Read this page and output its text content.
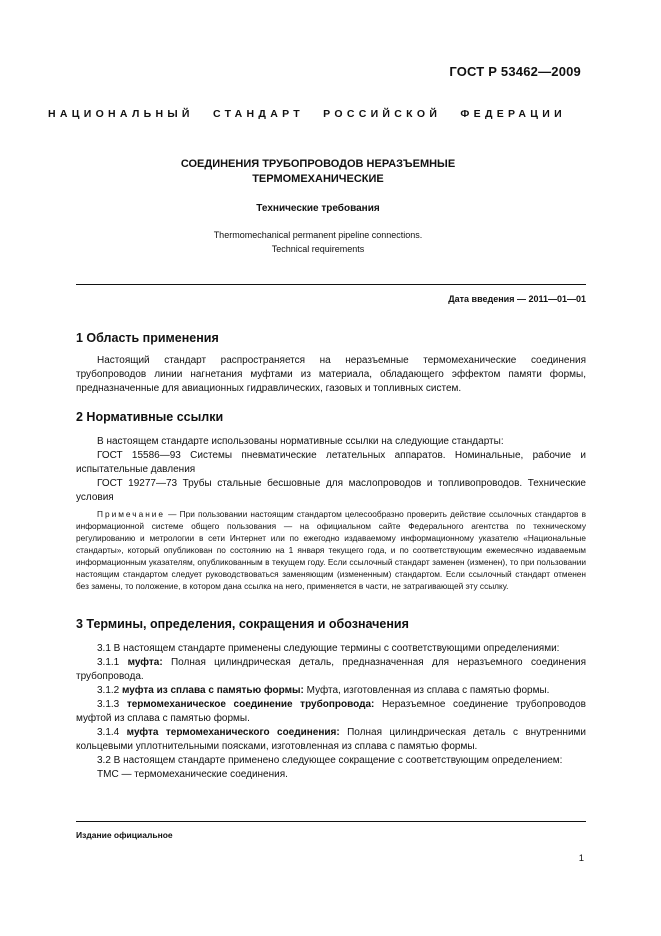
ГОСТ Р 53462—2009
НАЦИОНАЛЬНЫЙ СТАНДАРТ РОССИЙСКОЙ ФЕДЕРАЦИИ
СОЕДИНЕНИЯ ТРУБОПРОВОДОВ НЕРАЗЪЕМНЫЕ
ТЕРМОМЕХАНИЧЕСКИЕ
Технические требования
Thermomechanical permanent pipeline connections.
Technical requirements
Дата введения — 2011—01—01
1 Область применения

Настоящий стандарт распространяется на неразъемные термомеханические соединения трубопроводов линии нагнетания муфтами из материала, обладающего эффектом памяти формы, предназначенные для авиационных гидравлических, газовых и топливных систем.

2 Нормативные ссылки

В настоящем стандарте использованы нормативные ссылки на следующие стандарты:

ГОСТ 15586—93 Системы пневматические летательных аппаратов. Номинальные, рабочие и испытательные давления

ГОСТ 19277—73 Трубы стальные бесшовные для маслопроводов и топливопроводов. Технические условия

Примечание — При пользовании настоящим стандартом целесообразно проверить действие ссылочных стандартов в информационной системе общего пользования — на официальном сайте Федерального агентства по техническому регулированию и метрологии в сети Интернет или по ежегодно издаваемому информационному указателю «Национальные стандарты», который опубликован по состоянию на 1 января текущего года, и по соответствующим ежемесячно издаваемым информационным указателям, опубликованным в текущем году. Если ссылочный стандарт заменен (изменен), то при пользовании настоящим стандартом следует руководствоваться заменяющим (измененным) стандартом. Если ссылочный стандарт отменен без замены, то положение, в котором дана ссылка на него, применяется в части, не затрагивающей эту ссылку.

3 Термины, определения, сокращения и обозначения

3.1 В настоящем стандарте применены следующие термины с соответствующими определениями:

3.1.1 муфта: Полная цилиндрическая деталь, предназначенная для неразъемного соединения трубопровода.

3.1.2 муфта из сплава с памятью формы: Муфта, изготовленная из сплава с памятью формы.

3.1.3 термомеханическое соединение трубопровода: Неразъемное соединение трубопроводов муфтой из сплава с памятью формы.

3.1.4 муфта термомеханического соединения: Полная цилиндрическая деталь с внутренними кольцевыми уплотнительными поясками, изготовленная из сплава с памятью формы.

3.2 В настоящем стандарте применено следующее сокращение с соответствующим определением:

ТМС — термомеханические соединения.

Издание официальное
1
